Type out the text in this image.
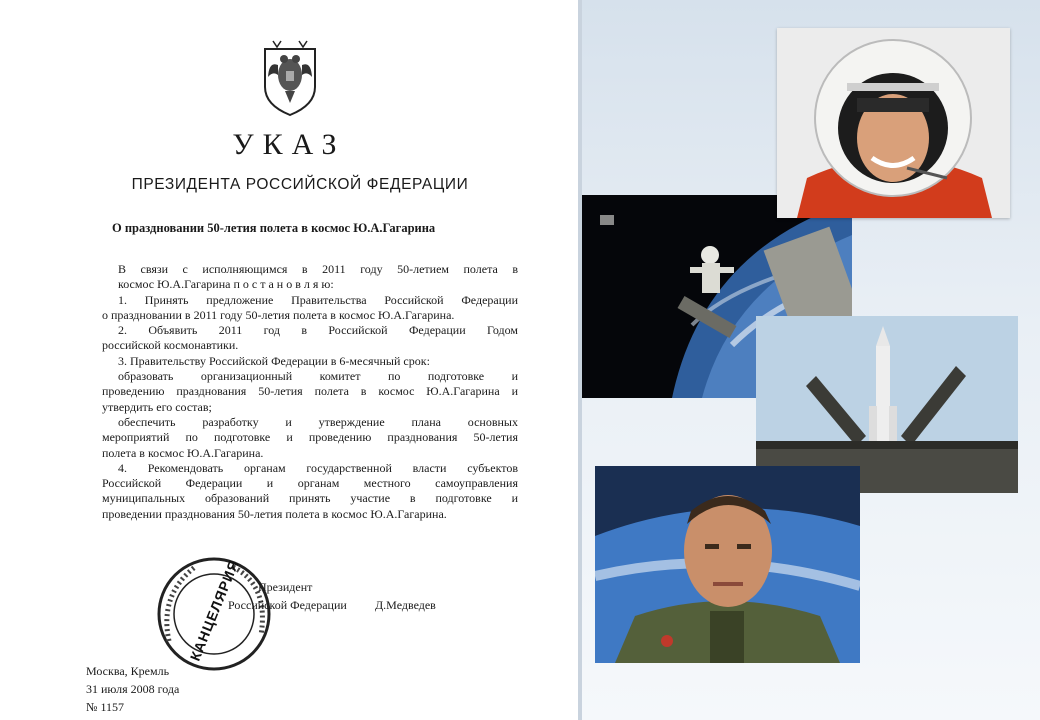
УКАЗ
ПРЕЗИДЕНТА РОССИЙСКОЙ ФЕДЕРАЦИИ
О праздновании 50-летия полета в космос Ю.А.Гагарина

В связи с исполняющимся в 2011 году 50-летием полета в

космос Ю.А.Гагарина п о с т а н о в л я ю:

1. Принять предложение Правительства Российской Федерации

о праздновании в 2011 году 50-летия полета в космос Ю.А.Гагарина.

2. Объявить 2011 год в Российской Федерации Годом

российской космонавтики.

3. Правительству Российской Федерации в 6-месячный срок:

образовать организационный комитет по подготовке и

проведению празднования 50-летия полета в космос Ю.А.Гагарина и

утвердить его состав;

обеспечить разработку и утверждение плана основных

мероприятий по подготовке и проведению празднования 50-летия

полета в космос Ю.А.Гагарина.

4. Рекомендовать органам государственной власти субъектов

Российской Федерации и органам местного самоуправления

муниципальных образований принять участие в подготовке и

проведении празднования 50-летия полета в космос Ю.А.Гагарина.

КАНЦЕЛЯРИЯ Президент
Российской Федерации Д.Медведев
Москва, Кремль
31 июля 2008 года
№ 1157
